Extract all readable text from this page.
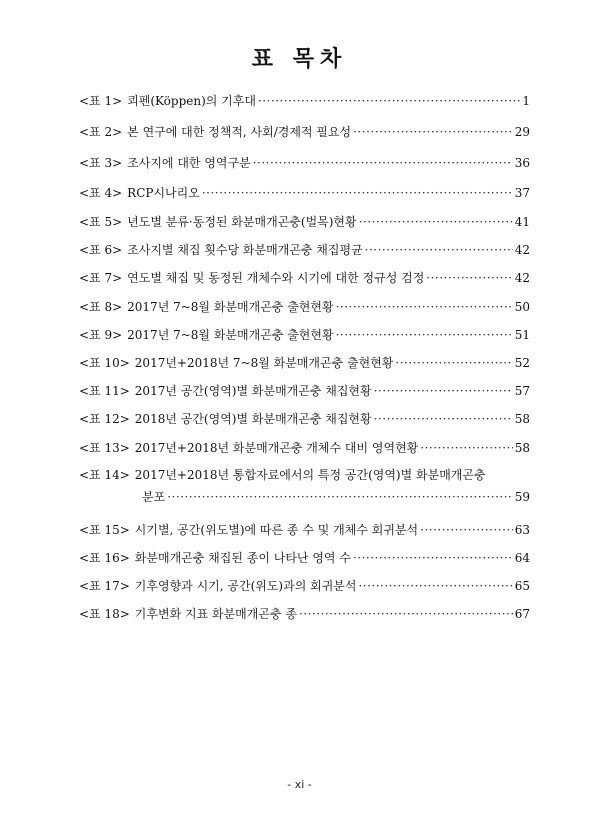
표 목차
<표 1> 쾨펜(Köppen)의 기후대 ·····	1
<표 2> 본 연구에 대한 정책적, 사회/경제적 필요성 ·····	29
<표 3> 조사지에 대한 영역구분 ·····	36
<표 4> RCP시나리오 ·····	37
<표 5> 년도별 분류·동정된 화분매개곤충(벌목)현황 ·····	41
<표 6> 조사지별 채집 횟수당 화분매개곤충 채집평균 ·····	42
<표 7> 연도별 채집 및 동정된 개체수와 시기에 대한 정규성 검정 ·····	42
<표 8> 2017년 7~8월 화분매개곤충 출현현황 ·····	50
<표 9> 2017년 7~8월 화분매개곤충 출현현황 ·····	51
<표 10> 2017년+2018년 7~8월 화분매개곤충 출현현황 ·····	52
<표 11> 2017년 공간(영역)별 화분매개곤충 채집현황 ·····	57
<표 12> 2018년 공간(영역)별 화분매개곤충 채집현황 ·····	58
<표 13> 2017년+2018년 화분매개곤충 개체수 대비 영역현황 ·····	58
<표 14> 2017년+2018년 통합자료에서의 특정 공간(영역)별 화분매개곤충
분포 ·····	59
<표 15> 시기별, 공간(위도별)에 따른 종 수 및 개체수 회귀분석 ·····	63
<표 16> 화분매개곤충 채집된 종이 나타난 영역 수 ·····	64
<표 17> 기후영향과 시기, 공간(위도)과의 회귀분석 ·····	65
<표 18> 기후변화 지표 화분매개곤충 종 ·····	67
- xi -
